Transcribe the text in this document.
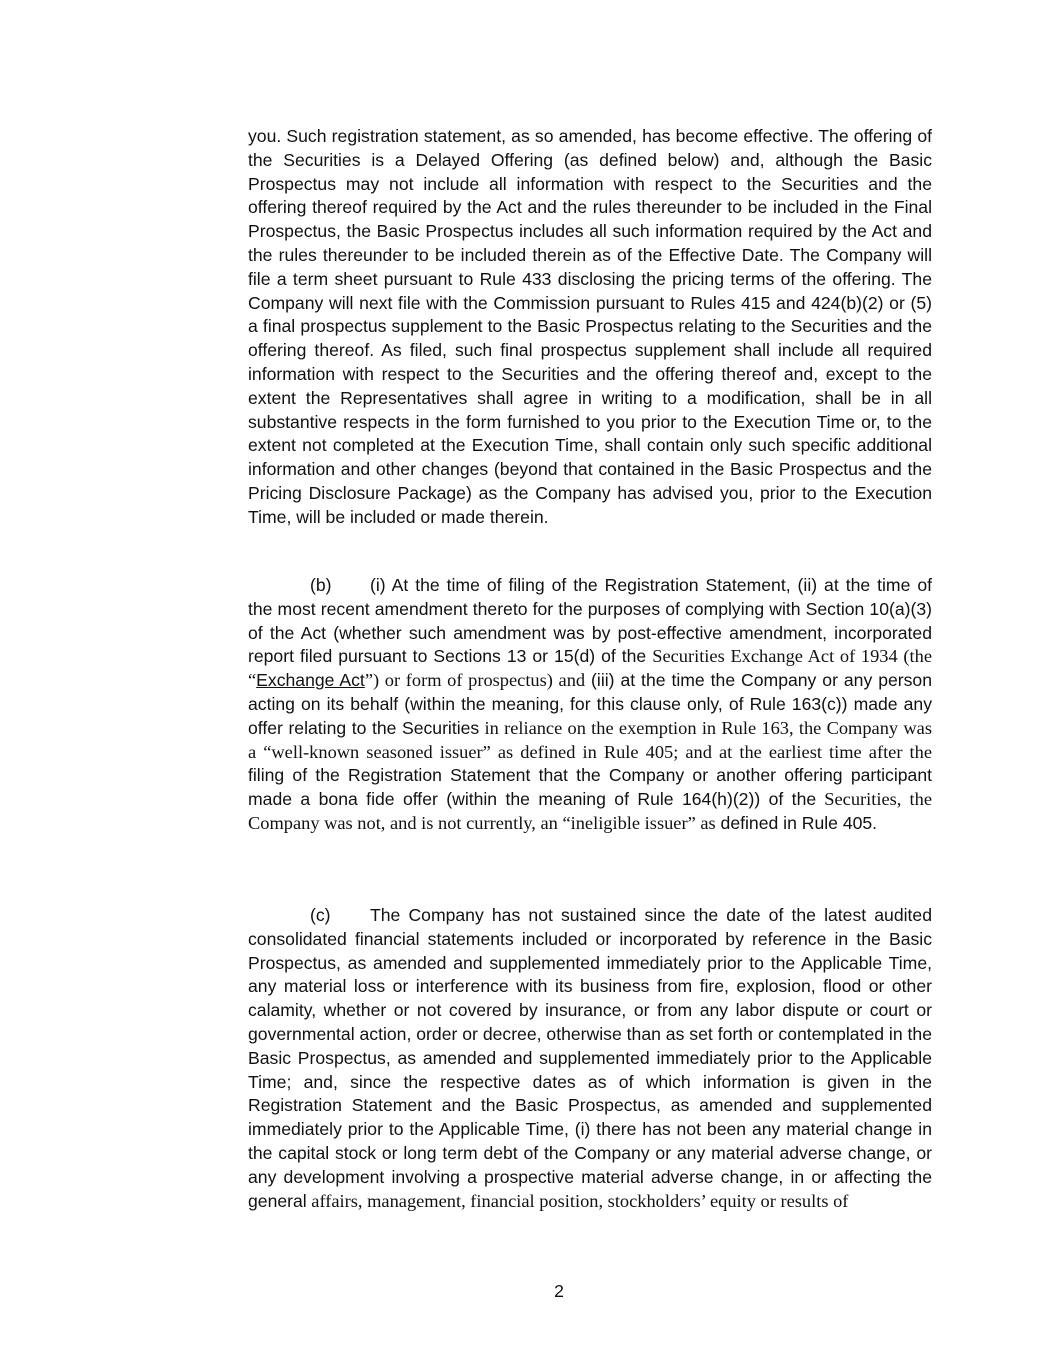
you. Such registration statement, as so amended, has become effective. The offering of the Securities is a Delayed Offering (as defined below) and, although the Basic Prospectus may not include all information with respect to the Securities and the offering thereof required by the Act and the rules thereunder to be included in the Final Prospectus, the Basic Prospectus includes all such information required by the Act and the rules thereunder to be included therein as of the Effective Date. The Company will file a term sheet pursuant to Rule 433 disclosing the pricing terms of the offering. The Company will next file with the Commission pursuant to Rules 415 and 424(b)(2) or (5) a final prospectus supplement to the Basic Prospectus relating to the Securities and the offering thereof. As filed, such final prospectus supplement shall include all required information with respect to the Securities and the offering thereof and, except to the extent the Representatives shall agree in writing to a modification, shall be in all substantive respects in the form furnished to you prior to the Execution Time or, to the extent not completed at the Execution Time, shall contain only such specific additional information and other changes (beyond that contained in the Basic Prospectus and the Pricing Disclosure Package) as the Company has advised you, prior to the Execution Time, will be included or made therein.
(b) (i) At the time of filing of the Registration Statement, (ii) at the time of the most recent amendment thereto for the purposes of complying with Section 10(a)(3) of the Act (whether such amendment was by post-effective amendment, incorporated report filed pursuant to Sections 13 or 15(d) of the Securities Exchange Act of 1934 (the “Exchange Act”) or form of prospectus) and (iii) at the time the Company or any person acting on its behalf (within the meaning, for this clause only, of Rule 163(c)) made any offer relating to the Securities in reliance on the exemption in Rule 163, the Company was a “well-known seasoned issuer” as defined in Rule 405; and at the earliest time after the filing of the Registration Statement that the Company or another offering participant made a bona fide offer (within the meaning of Rule 164(h)(2)) of the Securities, the Company was not, and is not currently, an “ineligible issuer” as defined in Rule 405.
(c) The Company has not sustained since the date of the latest audited consolidated financial statements included or incorporated by reference in the Basic Prospectus, as amended and supplemented immediately prior to the Applicable Time, any material loss or interference with its business from fire, explosion, flood or other calamity, whether or not covered by insurance, or from any labor dispute or court or governmental action, order or decree, otherwise than as set forth or contemplated in the Basic Prospectus, as amended and supplemented immediately prior to the Applicable Time; and, since the respective dates as of which information is given in the Registration Statement and the Basic Prospectus, as amended and supplemented immediately prior to the Applicable Time, (i) there has not been any material change in the capital stock or long term debt of the Company or any material adverse change, or any development involving a prospective material adverse change, in or affecting the general affairs, management, financial position, stockholders’ equity or results of
2
